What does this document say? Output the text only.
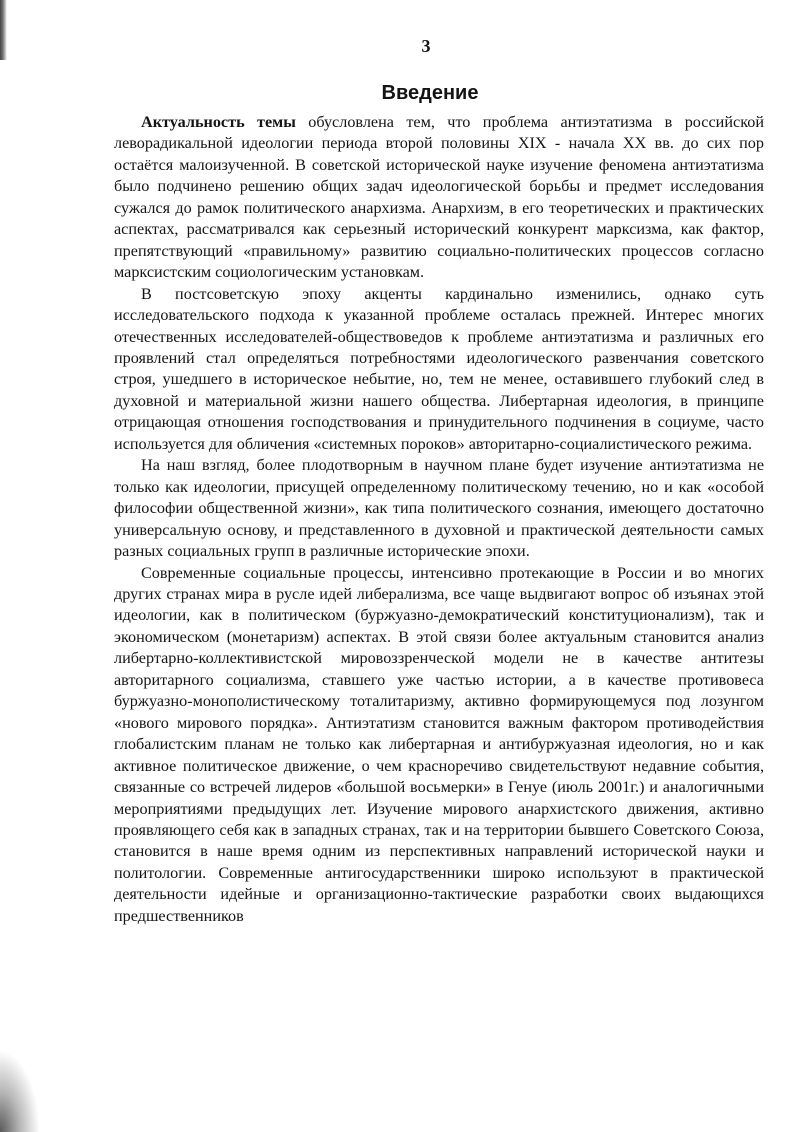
3
Введение

Актуальность темы обусловлена тем, что проблема антиэтатизма в российской леворадикальной идеологии периода второй половины XIX - начала XX вв. до сих пор остаётся малоизученной. В советской исторической науке изучение феномена антиэтатизма было подчинено решению общих задач идеологической борьбы и предмет исследования сужался до рамок политического анархизма. Анархизм, в его теоретических и практических аспектах, рассматривался как серьезный исторический конкурент марксизма, как фактор, препятствующий «правильному» развитию социально-политических процессов согласно марксистским социологическим установкам.

В постсоветскую эпоху акценты кардинально изменились, однако суть исследовательского подхода к указанной проблеме осталась прежней. Интерес многих отечественных исследователей-обществоведов к проблеме антиэтатизма и различных его проявлений стал определяться потребностями идеологического развенчания советского строя, ушедшего в историческое небытие, но, тем не менее, оставившего глубокий след в духовной и материальной жизни нашего общества. Либертарная идеология, в принципе отрицающая отношения господствования и принудительного подчинения в социуме, часто используется для обличения «системных пороков» авторитарно-социалистического режима.

На наш взгляд, более плодотворным в научном плане будет изучение антиэтатизма не только как идеологии, присущей определенному политическому течению, но и как «особой философии общественной жизни», как типа политического сознания, имеющего достаточно универсальную основу, и представленного в духовной и практической деятельности самых разных социальных групп в различные исторические эпохи.

Современные социальные процессы, интенсивно протекающие в России и во многих других странах мира в русле идей либерализма, все чаще выдвигают вопрос об изъянах этой идеологии, как в политическом (буржуазно-демократический конституционализм), так и экономическом (монетаризм) аспектах. В этой связи более актуальным становится анализ либертарно-коллективистской мировоззренческой модели не в качестве антитезы авторитарного социализма, ставшего уже частью истории, а в качестве противовеса буржуазно-монополистическому тоталитаризму, активно формирующемуся под лозунгом «нового мирового порядка». Антиэтатизм становится важным фактором противодействия глобалистским планам не только как либертарная и антибуржуазная идеология, но и как активное политическое движение, о чем красноречиво свидетельствуют недавние события, связанные со встречей лидеров «большой восьмерки» в Генуе (июль 2001г.) и аналогичными мероприятиями предыдущих лет. Изучение мирового анархистского движения, активно проявляющего себя как в западных странах, так и на территории бывшего Советского Союза, становится в наше время одним из перспективных направлений исторической науки и политологии. Современные антигосударственники широко используют в практической деятельности идейные и организационно-тактические разработки своих выдающихся предшественников
